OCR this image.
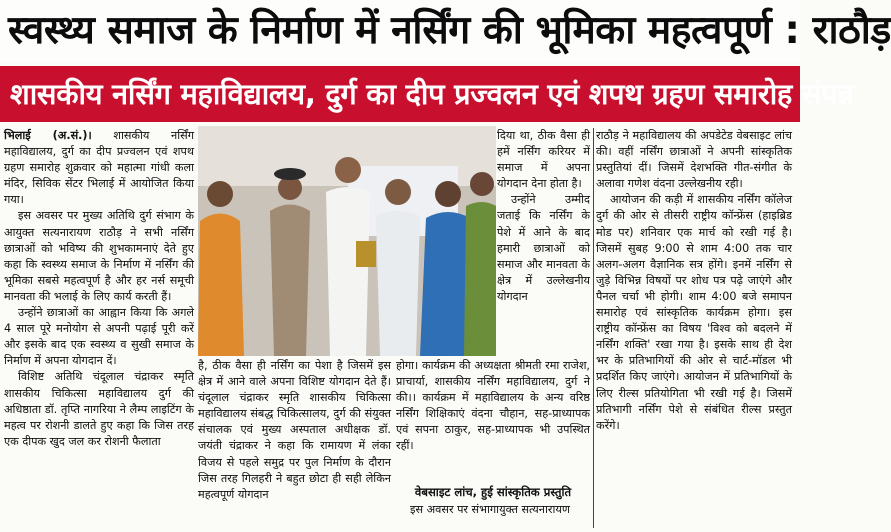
स्वस्थ्य समाज के निर्माण में नर्सिंग की भूमिका महत्वपूर्ण : राठौड़
शासकीय नर्सिंग महाविद्यालय, दुर्ग का दीप प्रज्वलन एवं शपथ ग्रहण समारोह संपन्न

भिलाई (अ.सं.)। शासकीय नर्सिंग महाविद्यालय, दुर्ग का दीप प्रज्वलन एवं शपथ ग्रहण समारोह शुक्रवार को महात्मा गांधी कला मंदिर, सिविक सेंटर भिलाई में आयोजित किया गया।

इस अवसर पर मुख्य अतिथि दुर्ग संभाग के आयुक्त सत्यनारायण राठौड़ ने सभी नर्सिंग छात्राओं को भविष्य की शुभकामनाएं देते हुए कहा कि स्वस्थ्य समाज के निर्माण में नर्सिंग की भूमिका सबसे महत्वपूर्ण है और हर नर्स समूची मानवता की भलाई के लिए कार्य करती हैं।

उन्होंने छात्राओं का आह्वान किया कि अगले 4 साल पूरे मनोयोग से अपनी पढ़ाई पूरी करें और इसके बाद एक स्वस्थ्य व सुखी समाज के निर्माण में अपना योगदान दें।

विशिष्ट अतिथि चंदूलाल चंद्राकर स्मृति शासकीय चिकित्सा महाविद्यालय दुर्ग की अधिष्ठाता डॉ. तृप्ति नागरिया ने लैम्प लाइटिंग के महत्व पर रोशनी डालते हुए कहा कि जिस तरह एक दीपक खुद जल कर रोशनी फैलाता

दिया था, ठीक वैसा ही हमें नर्सिंग करियर में समाज में अपना योगदान देना होता है।

उन्होंने उम्मीद जताई कि नर्सिंग के पेशे में आने के बाद हमारी छात्राओं को समाज और मानवता के क्षेत्र में उल्लेखनीय योगदान

है, ठीक वैसा ही नर्सिंग का पेशा है जिसमें इस क्षेत्र में आने वाले अपना विशिष्ट योगदान देते हैं। चंदूलाल चंद्राकर स्मृति शासकीय चिकित्सा महाविद्यालय संबद्ध चिकित्सालय, दुर्ग की संयुक्त संचालक एवं मुख्य अस्पताल अधीक्षक डॉ. जयंती चंद्राकर ने कहा कि रामायण में लंका विजय से पहले समुद्र पर पुल निर्माण के दौरान जिस तरह गिलहरी ने बहुत छोटा ही सही लेकिन महत्वपूर्ण योगदान

होगा। कार्यक्रम की अध्यक्षता श्रीमती रमा राजेश, प्राचार्या, शासकीय नर्सिंग महाविद्यालय, दुर्ग ने की।। कार्यक्रम में महाविद्यालय के अन्य वरिष्ठ नर्सिंग शिक्षिकाएं वंदना चौहान, सह-प्राध्यापक एवं सपना ठाकुर, सह-प्राध्यापक भी उपस्थित रहीं।

वेबसाइट लांच, हुई सांस्कृतिक प्रस्तुति

इस अवसर पर संभागायुक्त सत्यनारायण

राठौड़ ने महाविद्यालय की अपडेटेड वेबसाइट लांच की। वहीं नर्सिंग छात्राओं ने अपनी सांस्कृतिक प्रस्तुतियां दीं। जिसमें देशभक्ति गीत-संगीत के अलावा गणेश वंदना उल्लेखनीय रही।

आयोजन की कड़ी में शासकीय नर्सिंग कॉलेज दुर्ग की ओर से तीसरी राष्ट्रीय कॉन्फ्रेंस (हाइब्रिड मोड पर) शनिवार एक मार्च को रखी गई है। जिसमें सुबह 9:00 से शाम 4:00 तक चार अलग-अलग वैज्ञानिक सत्र होंगे। इनमें नर्सिंग से जुड़े विभिन्न विषयों पर शोध पत्र पढ़े जाएंगे और पैनल चर्चा भी होगी। शाम 4:00 बजे समापन समारोह एवं सांस्कृतिक कार्यक्रम होगा। इस राष्ट्रीय कॉन्फ्रेंस का विषय 'विश्व को बदलने में नर्सिंग शक्ति' रखा गया है। इसके साथ ही देश भर के प्रतिभागियों की ओर से चार्ट-मॉडल भी प्रदर्शित किए जाएंगे। आयोजन में प्रतिभागियों के लिए रील्स प्रतियोगिता भी रखी गई है। जिसमें प्रतिभागी नर्सिंग पेशे से संबंधित रील्स प्रस्तुत करेंगे।
